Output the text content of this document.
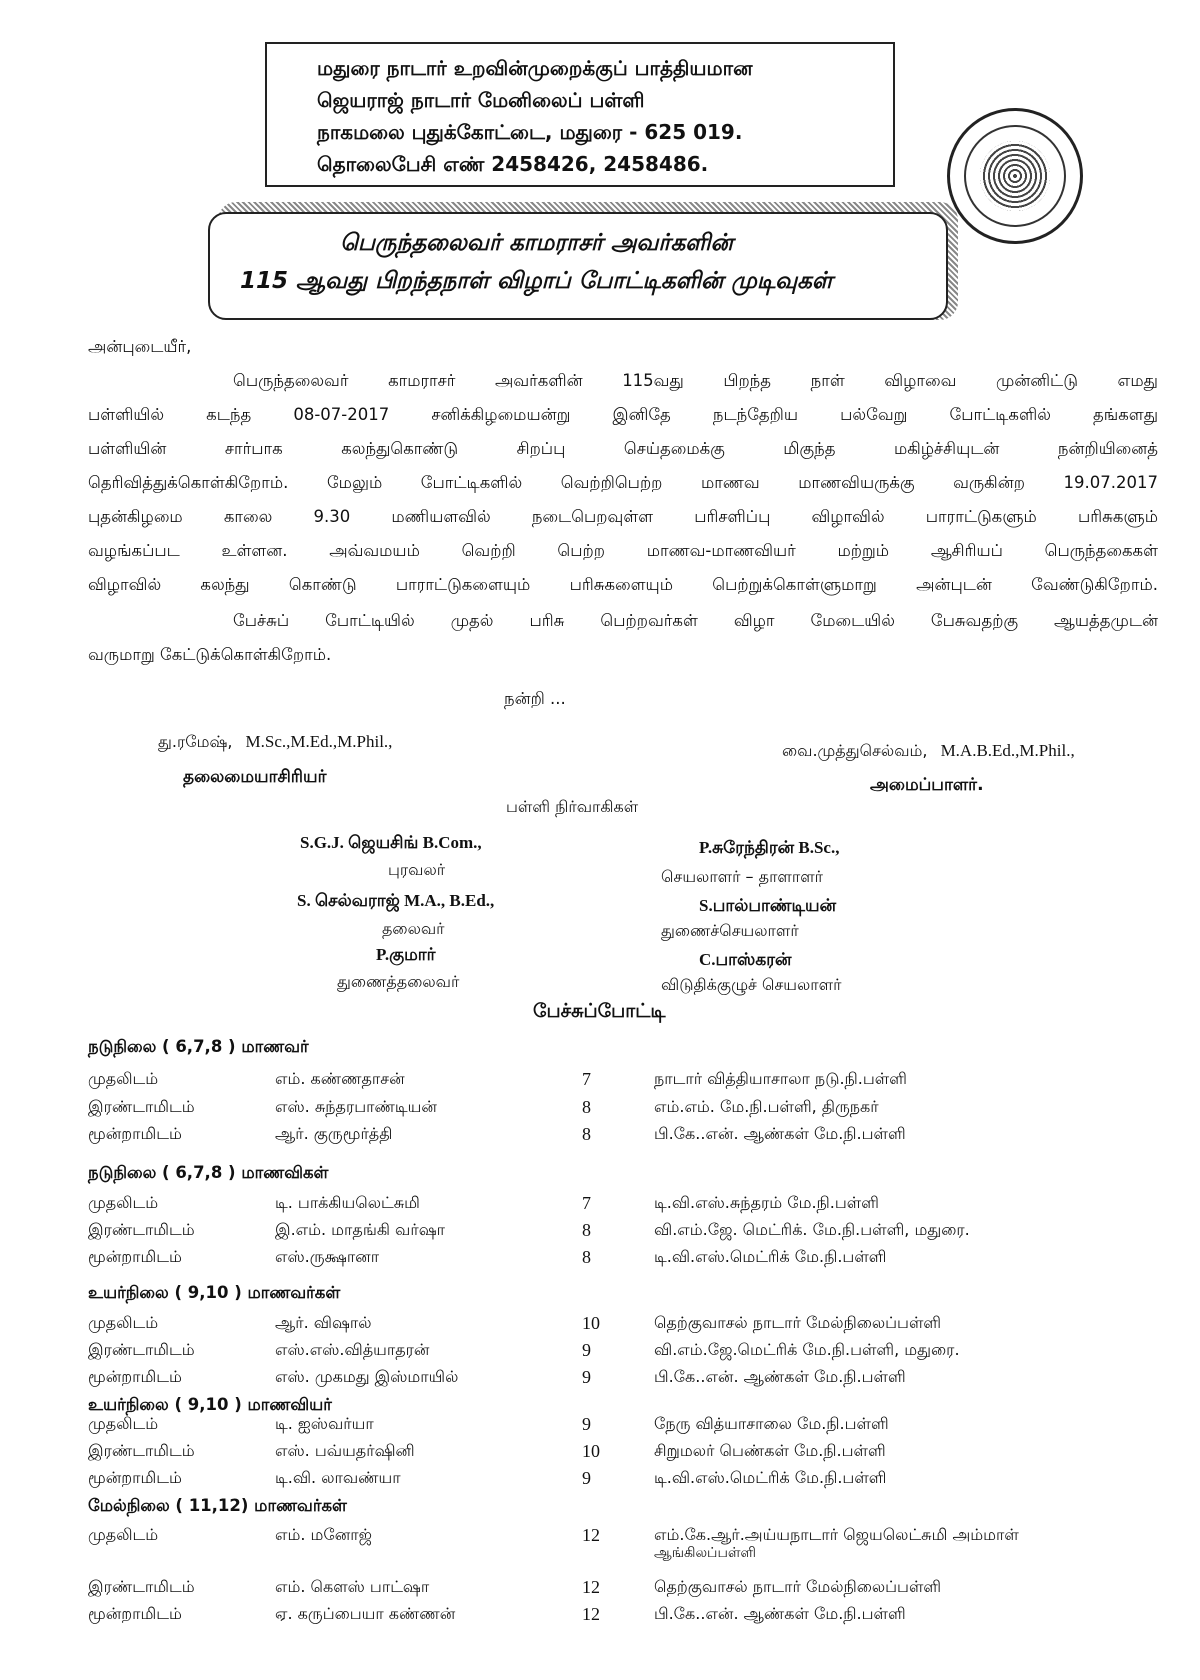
மதுரை நாடார் உறவின்முறைக்குப் பாத்தியமான
ஜெயராஜ் நாடார் மேனிலைப் பள்ளி
நாகமலை புதுக்கோட்டை, மதுரை - 625 019.
தொலைபேசி எண் 2458426, 2458486.
பெருந்தலைவர் காமராசர் அவர்களின்
115 ஆவது பிறந்தநாள் விழாப் போட்டிகளின் முடிவுகள்
அன்புடையீர்,
பெருந்தலைவர் காமராசர் அவர்களின் 115வது பிறந்த நாள் விழாவை முன்னிட்டு எமது
பள்ளியில் கடந்த 08-07-2017 சனிக்கிழமையன்று இனிதே நடந்தேறிய பல்வேறு போட்டிகளில் தங்களது
பள்ளியின் சார்பாக கலந்துகொண்டு சிறப்பு செய்தமைக்கு மிகுந்த மகிழ்ச்சியுடன் நன்றியினைத்
தெரிவித்துக்கொள்கிறோம். மேலும் போட்டிகளில் வெற்றிபெற்ற மாணவ மாணவியருக்கு வருகின்ற 19.07.2017
புதன்கிழமை காலை 9.30 மணியளவில் நடைபெறவுள்ள பரிசளிப்பு விழாவில் பாராட்டுகளும் பரிசுகளும்
வழங்கப்பட உள்ளன. அவ்வமயம் வெற்றி பெற்ற மாணவ-மாணவியர் மற்றும் ஆசிரியப் பெருந்தகைகள்
விழாவில் கலந்து கொண்டு பாராட்டுகளையும் பரிசுகளையும் பெற்றுக்கொள்ளுமாறு அன்புடன் வேண்டுகிறோம்.
பேச்சுப் போட்டியில் முதல் பரிசு பெற்றவர்கள் விழா மேடையில் பேசுவதற்கு ஆயத்தமுடன்
வருமாறு கேட்டுக்கொள்கிறோம்.
நன்றி ...
து.ரமேஷ், M.Sc.,M.Ed.,M.Phil.,
தலைமையாசிரியர்
வை.முத்துசெல்வம், M.A.B.Ed.,M.Phil.,
அமைப்பாளர்.
பள்ளி நிர்வாகிகள்
S.G.J. ஜெயசிங் B.Com.,
புரவலர்
P.சுரேந்திரன் B.Sc.,
செயலாளர் – தாளாளர்
S. செல்வராஜ் M.A., B.Ed.,
தலைவர்
S.பால்பாண்டியன்
துணைச்செயலாளர்
P.குமார்
துணைத்தலைவர்
C.பாஸ்கரன்
விடுதிக்குழுச் செயலாளர்
பேச்சுப்போட்டி
நடுநிலை ( 6,7,8 ) மாணவர்
முதலிடம்	எம். கண்ணதாசன்	7	நாடார் வித்தியாசாலா நடு.நி.பள்ளி
இரண்டாமிடம்	எஸ். சுந்தரபாண்டியன்	8	எம்.எம். மே.நி.பள்ளி, திருநகர்
மூன்றாமிடம்	ஆர். குருமூர்த்தி	8	பி.கே..என். ஆண்கள் மே.நி.பள்ளி
நடுநிலை ( 6,7,8 ) மாணவிகள்
முதலிடம்	டி. பாக்கியலெட்சுமி	7	டி.வி.எஸ்.சுந்தரம் மே.நி.பள்ளி
இரண்டாமிடம்	இ.எம். மாதங்கி வர்ஷா	8	வி.எம்.ஜே. மெட்ரிக். மே.நி.பள்ளி, மதுரை.
மூன்றாமிடம்	எஸ்.ருக்ஷானா	8	டி.வி.எஸ்.மெட்ரிக் மே.நி.பள்ளி
உயர்நிலை ( 9,10 ) மாணவர்கள்
முதலிடம்	ஆர். விஷால்	10	தெற்குவாசல் நாடார் மேல்நிலைப்பள்ளி
இரண்டாமிடம்	எஸ்.எஸ்.வித்யாதரன்	9	வி.எம்.ஜே.மெட்ரிக் மே.நி.பள்ளி, மதுரை.
மூன்றாமிடம்	எஸ். முகமது இஸ்மாயில்	9	பி.கே..என். ஆண்கள் மே.நி.பள்ளி
உயர்நிலை ( 9,10 ) மாணவியர்
முதலிடம்	டி. ஐஸ்வர்யா	9	நேரு வித்யாசாலை மே.நி.பள்ளி
இரண்டாமிடம்	எஸ். பவ்யதர்ஷினி	10	சிறுமலர் பெண்கள் மே.நி.பள்ளி
மூன்றாமிடம்	டி.வி. லாவண்யா	9	டி.வி.எஸ்.மெட்ரிக் மே.நி.பள்ளி
மேல்நிலை ( 11,12) மாணவர்கள்
முதலிடம்	எம். மனோஜ்	12	எம்.கே.ஆர்.அய்யநாடார் ஜெயலெட்சுமி அம்மாள்
ஆங்கிலப்பள்ளி
இரண்டாமிடம்	எம். கௌஸ் பாட்ஷா	12	தெற்குவாசல் நாடார் மேல்நிலைப்பள்ளி
மூன்றாமிடம்	ஏ. கருப்பையா கண்ணன்	12	பி.கே..என். ஆண்கள் மே.நி.பள்ளி
